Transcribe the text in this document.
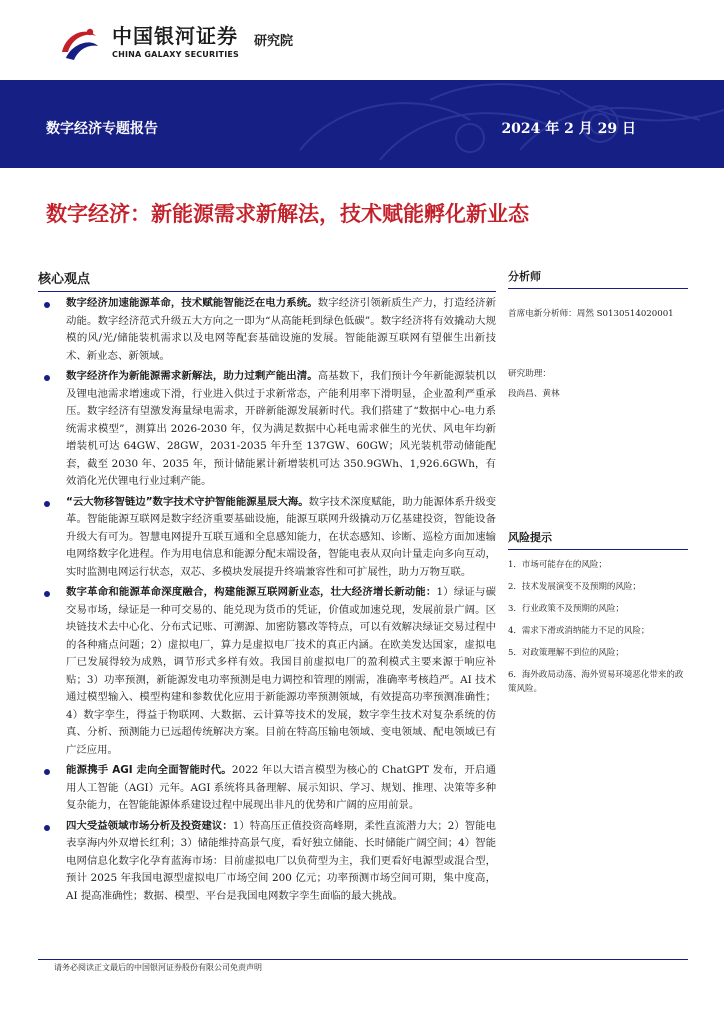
中国银河证券 研究院
CHINA GALAXY SECURITIES
数字经济专题报告	2024 年 2 月 29 日
数字经济：新能源需求新解法，技术赋能孵化新业态
核心观点
数字经济加速能源革命，技术赋能智能泛在电力系统。数字经济引领新质生产力，打造经济新动能。数字经济范式升级五大方向之一即为“从高能耗到绿色低碳”。数字经济将有效撬动大规模的风/光/储能装机需求以及电网等配套基础设施的发展。智能能源互联网有望催生出新技术、新业态、新领域。
数字经济作为新能源需求新解法，助力过剩产能出清。高基数下，我们预计今年新能源装机以及锂电池需求增速或下滑，行业进入供过于求新常态，产能利用率下滑明显，企业盈利严重承压。数字经济有望激发海量绿电需求，开辟新能源发展新时代。我们搭建了“数据中心-电力系统需求模型”，测算出 2026-2030 年，仅为满足数据中心耗电需求催生的光伏、风电年均新增装机可达 64GW、28GW，2031-2035 年升至 137GW、60GW；风光装机带动储能配套，截至 2030 年、2035 年，预计储能累计新增装机可达 350.9GWh、1,926.6GWh，有效消化光伏锂电行业过剩产能。
“云大物移智链边”数字技术守护智能能源星辰大海。数字技术深度赋能，助力能源体系升级变革。智能能源互联网是数字经济重要基础设施，能源互联网升级撬动万亿基建投资，智能设备升级大有可为。智慧电网提升互联互通和全息感知能力，在状态感知、诊断、巡检方面加速输电网络数字化进程。作为用电信息和能源分配末端设备，智能电表从双向计量走向多向互动，实时监测电网运行状态，双芯、多模块发展提升终端兼容性和可扩展性，助力万物互联。
数字革命和能源革命深度融合，构建能源互联网新业态，壮大经济增长新动能：1）绿证与碳交易市场，绿证是一种可交易的、能兑现为货币的凭证，价值或加速兑现，发展前景广阔。区块链技术去中心化、分布式记账、可溯源、加密防篡改等特点，可以有效解决绿证交易过程中的各种痛点问题；2）虚拟电厂，算力是虚拟电厂技术的真正内涵。在欧美发达国家，虚拟电厂已发展得较为成熟，调节形式多样有效。我国目前虚拟电厂的盈利模式主要来源于响应补贴；3）功率预测，新能源发电功率预测是电力调控和管理的刚需，准确率考核趋严。AI 技术通过模型输入、模型构建和参数优化应用于新能源功率预测领域，有效提高功率预测准确性；4）数字孪生，得益于物联网、大数据、云计算等技术的发展，数字孪生技术对复杂系统的仿真、分析、预测能力已远超传统解决方案。目前在特高压输电领域、变电领域、配电领域已有广泛应用。
能源携手 AGI 走向全面智能时代。2022 年以大语言模型为核心的 ChatGPT 发布，开启通用人工智能（AGI）元年。AGI 系统将具备理解、展示知识、学习、规划、推理、决策等多种复杂能力，在智能能源体系建设过程中展现出非凡的优势和广阔的应用前景。
四大受益领域市场分析及投资建议：1）特高压正值投资高峰期，柔性直流潜力大；2）智能电表享海内外双增长红利；3）储能维持高景气度，看好独立储能、长时储能广阔空间；4）智能电网信息化数字化孕育蓝海市场：目前虚拟电厂以负荷型为主，我们更看好电源型或混合型，预计 2025 年我国电源型虚拟电厂市场空间 200 亿元；功率预测市场空间可期，集中度高，AI 提高准确性；数据、模型、平台是我国电网数字孪生面临的最大挑战。
分析师
首席电新分析师：周然 S0130514020001
研究助理：
段尚昌、黄林
风险提示
1．市场可能存在的风险；
2．技术发展演变不及预期的风险；
3．行业政策不及预期的风险；
4．需求下滑或消纳能力不足的风险；
5．对政策理解不到位的风险；
6．海外政局动荡、海外贸易环境恶化带来的政策风险。
请务必阅读正文最后的中国银河证券股份有限公司免责声明
